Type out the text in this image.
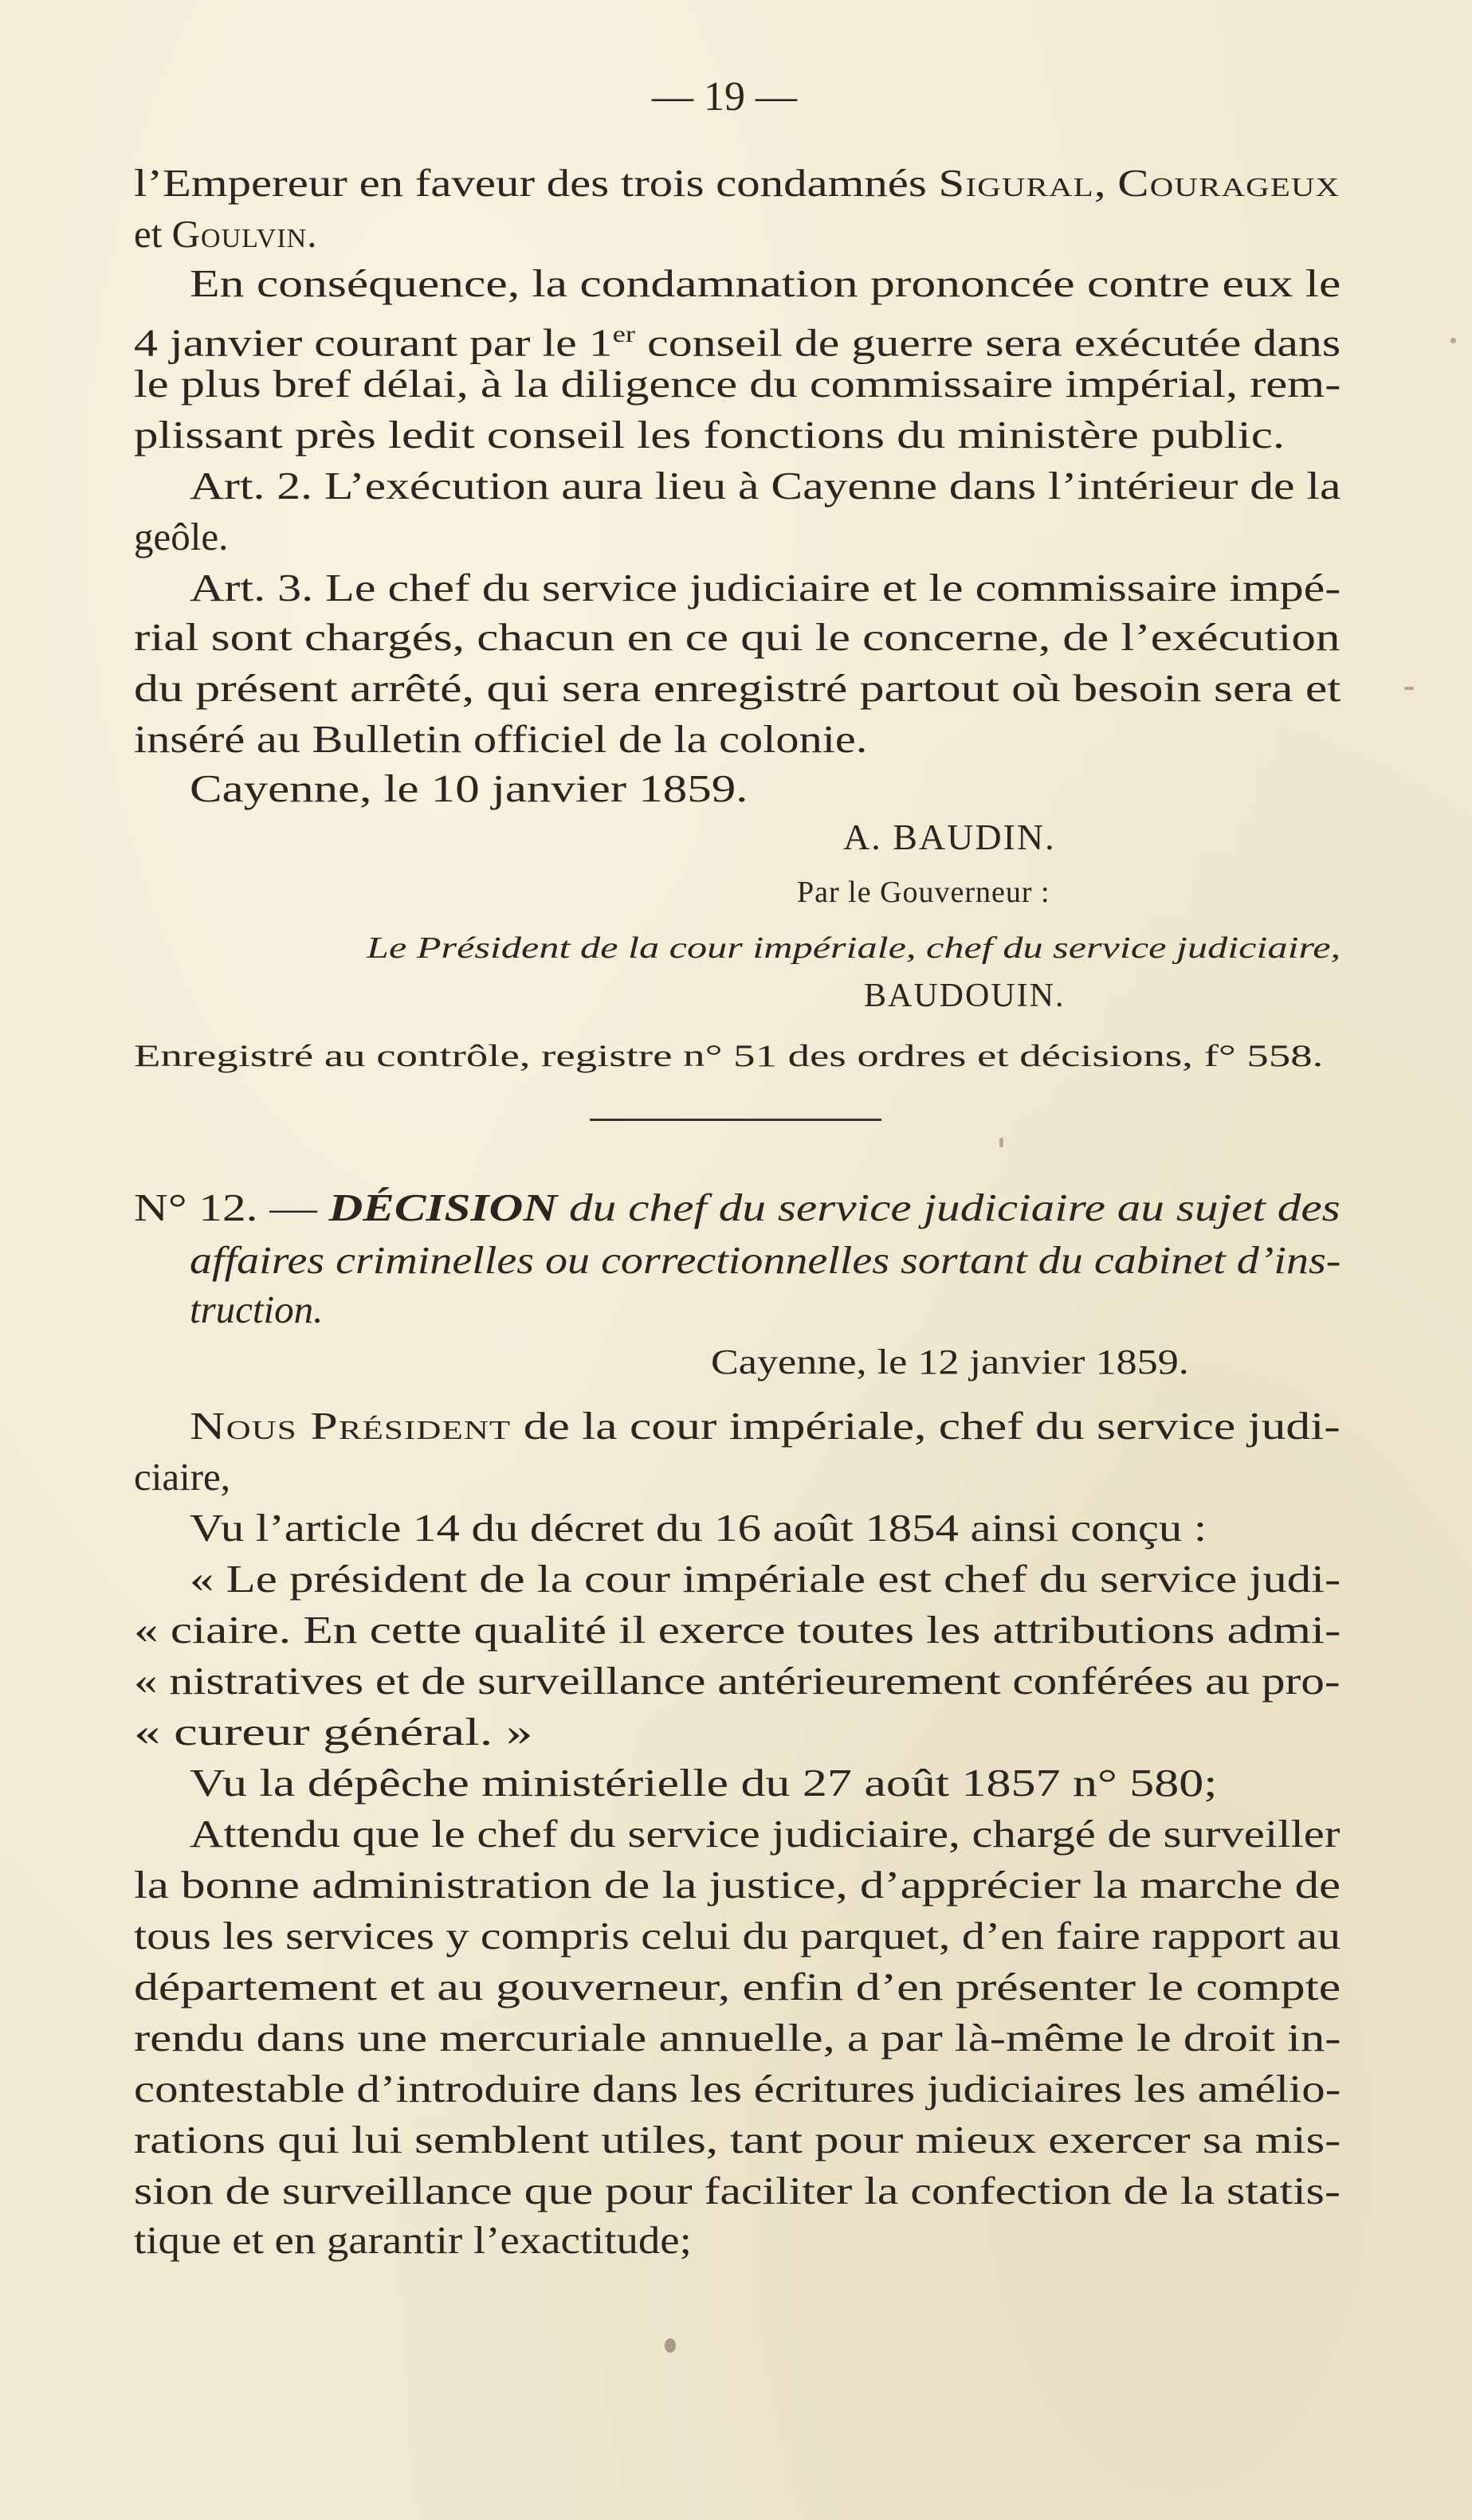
— 19 —
l’Empereur en faveur des trois condamnés Sigural, Courageux
et Goulvin.
En conséquence, la condamnation prononcée contre eux le
4 janvier courant par le 1er conseil de guerre sera exécutée dans
le plus bref délai, à la diligence du commissaire impérial, rem-
plissant près ledit conseil les fonctions du ministère public.
Art. 2. L’exécution aura lieu à Cayenne dans l’intérieur de la
geôle.
Art. 3. Le chef du service judiciaire et le commissaire impé-
rial sont chargés, chacun en ce qui le concerne, de l’exécution
du présent arrêté, qui sera enregistré partout où besoin sera et
inséré au Bulletin officiel de la colonie.
Cayenne, le 10 janvier 1859.
A. BAUDIN.
Par le Gouverneur :
Le Président de la cour impériale, chef du service judiciaire,
BAUDOUIN.
Enregistré au contrôle, registre n° 51 des ordres et décisions, f° 558.
N° 12. — DÉCISION du chef du service judiciaire au sujet des
affaires criminelles ou correctionnelles sortant du cabinet d’ins-
truction.
Cayenne, le 12 janvier 1859.
Nous Président de la cour impériale, chef du service judi-
ciaire,
Vu l’article 14 du décret du 16 août 1854 ainsi conçu :
« Le président de la cour impériale est chef du service judi-
« ciaire. En cette qualité il exerce toutes les attributions admi-
« nistratives et de surveillance antérieurement conférées au pro-
« cureur général. »
Vu la dépêche ministérielle du 27 août 1857 n° 580;
Attendu que le chef du service judiciaire, chargé de surveiller
la bonne administration de la justice, d’apprécier la marche de
tous les services y compris celui du parquet, d’en faire rapport au
département et au gouverneur, enfin d’en présenter le compte
rendu dans une mercuriale annuelle, a par là-même le droit in-
contestable d’introduire dans les écritures judiciaires les amélio-
rations qui lui semblent utiles, tant pour mieux exercer sa mis-
sion de surveillance que pour faciliter la confection de la statis-
tique et en garantir l’exactitude;
